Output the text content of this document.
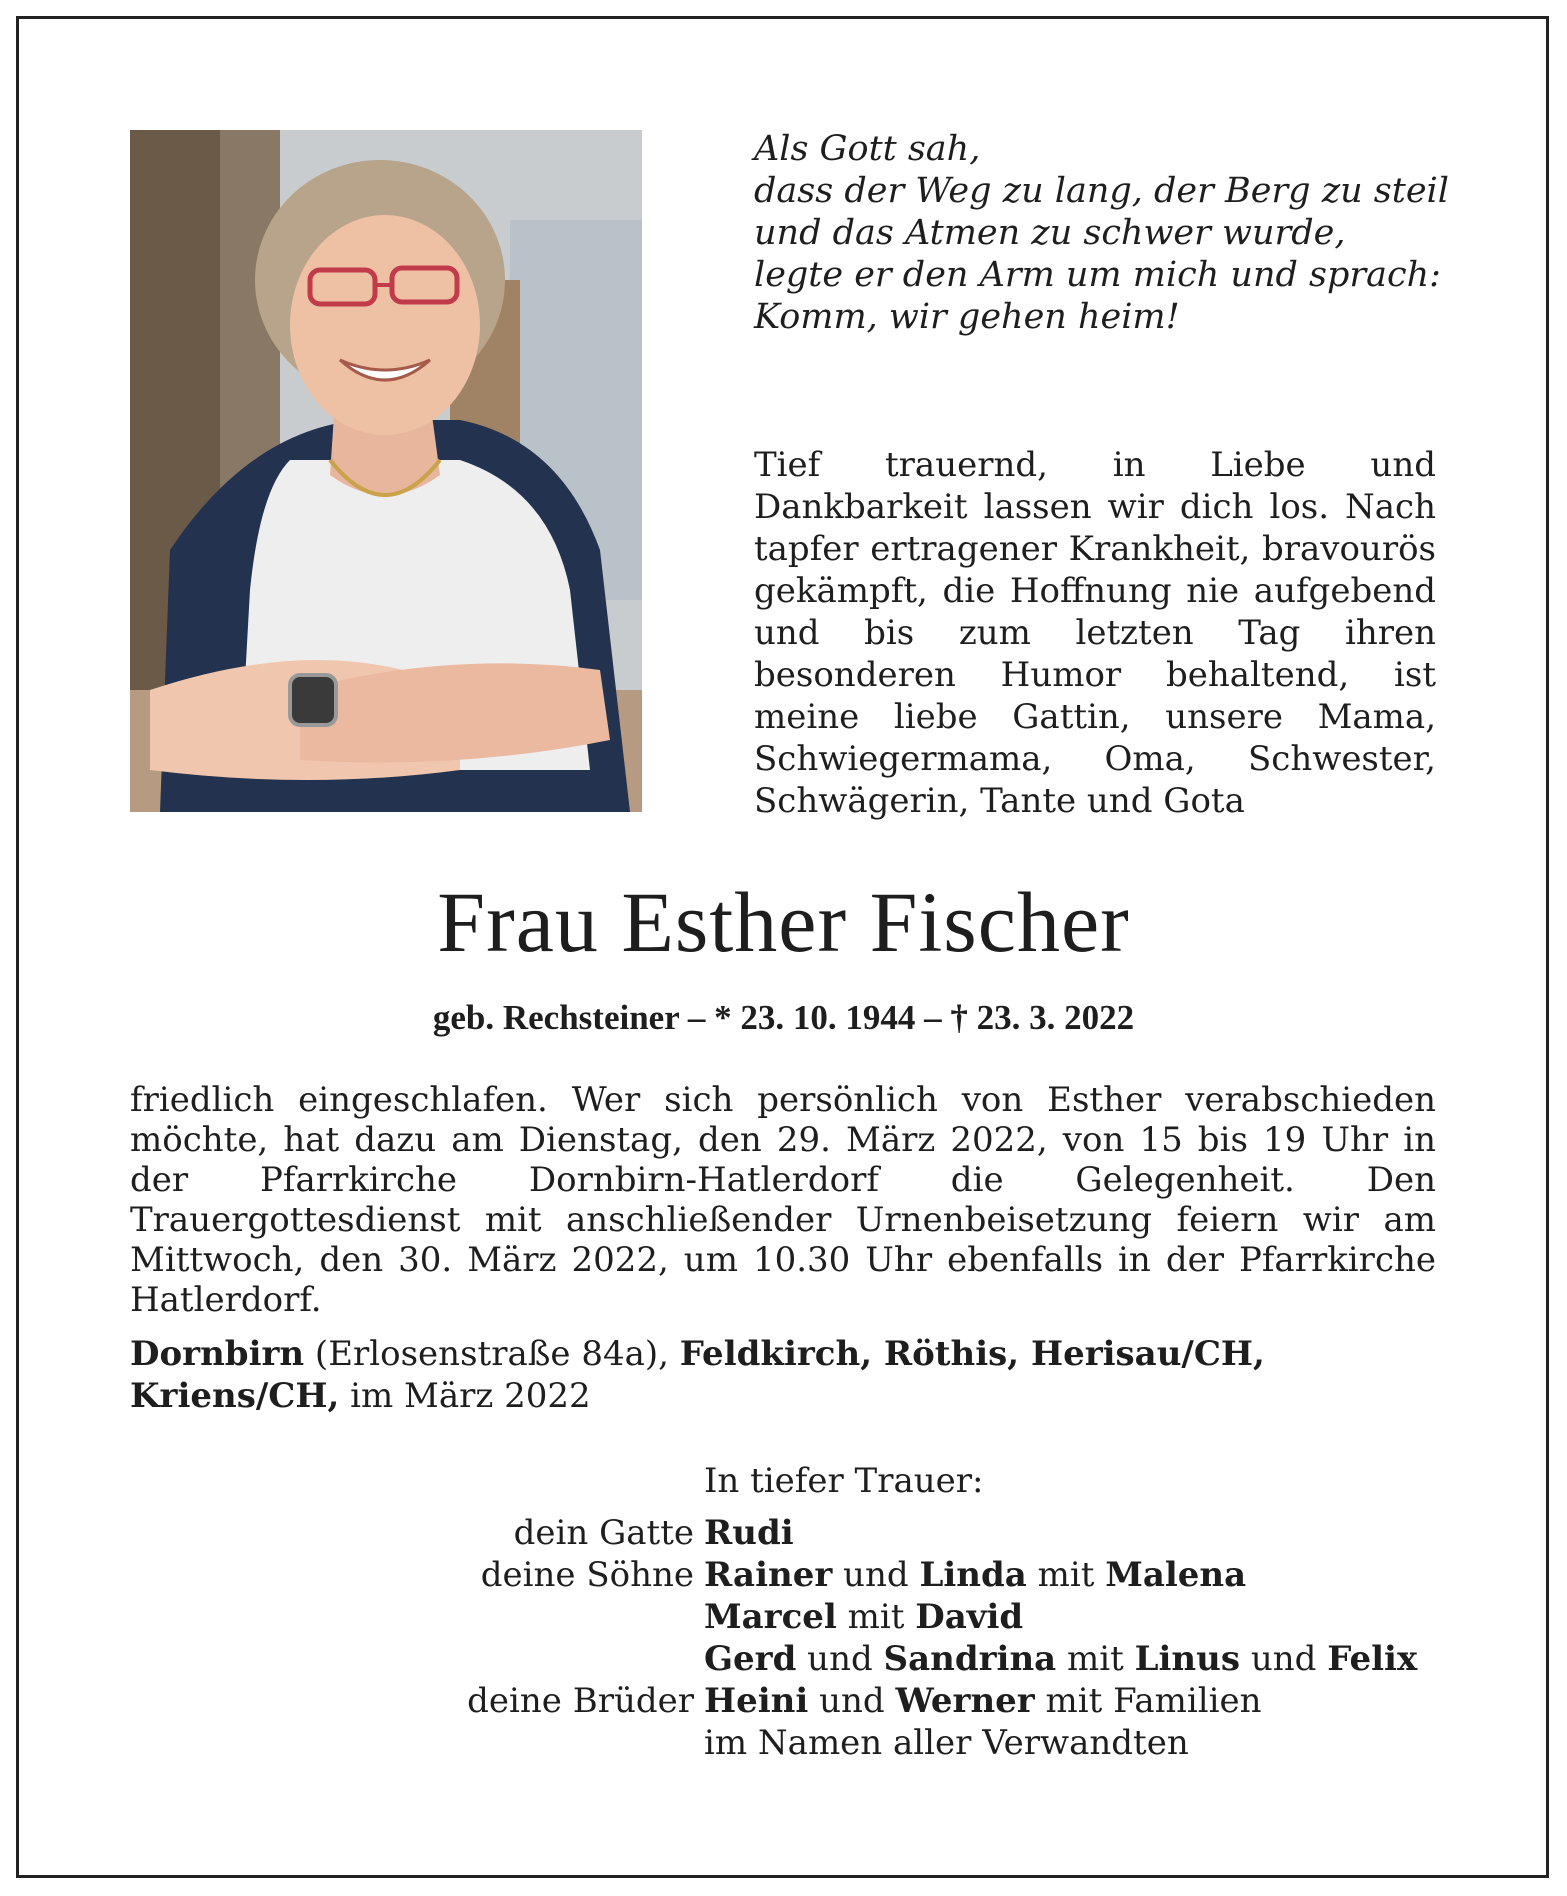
Als Gott sah,
dass der Weg zu lang, der Berg zu steil
und das Atmen zu schwer wurde,
legte er den Arm um mich und sprach:
Komm, wir gehen heim!
Tief trauernd, in Liebe und Dankbarkeit lassen wir dich los. Nach tapfer ertragener Krankheit, bravourös gekämpft, die Hoffnung nie aufgebend und bis zum letzten Tag ihren besonderen Humor behaltend, ist meine liebe Gattin, unsere Mama, Schwiegermama, Oma, Schwester, Schwägerin, Tante und Gota
Frau Esther Fischer
geb. Rechsteiner – * 23. 10. 1944 – † 23. 3. 2022
friedlich eingeschlafen. Wer sich persönlich von Esther verabschieden möchte, hat dazu am Dienstag, den 29. März 2022, von 15 bis 19 Uhr in der Pfarrkirche Dornbirn-Hatlerdorf die Gelegenheit. Den Trauergottesdienst mit anschließender Urnenbeisetzung feiern wir am Mittwoch, den 30. März 2022, um 10.30 Uhr ebenfalls in der Pfarrkirche Hatlerdorf.
Dornbirn (Erlosenstraße 84a), Feldkirch, Röthis, Herisau/CH,
Kriens/CH, im März 2022
In tiefer Trauer:
dein Gatte Rudi
deine Söhne Rainer und Linda mit Malena
Marcel mit David
Gerd und Sandrina mit Linus und Felix
deine Brüder Heini und Werner mit Familien
im Namen aller Verwandten
